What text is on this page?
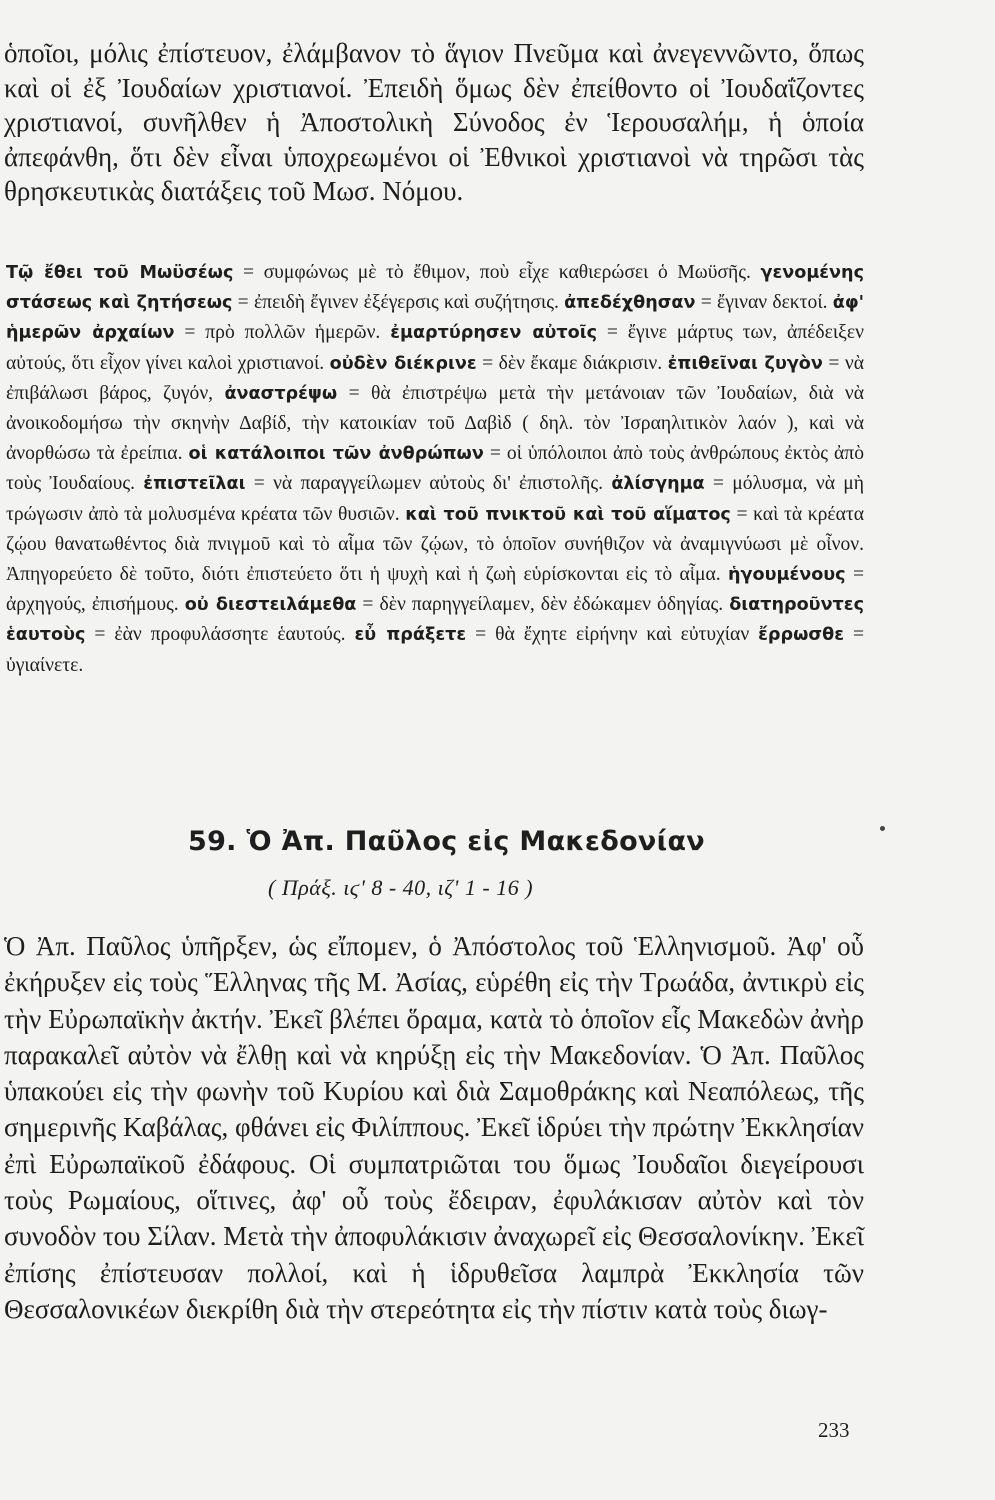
ὁποῖοι, μόλις ἐπίστευον, ἐλάμβανον τὸ ἅγιον Πνεῦμα καὶ ἀνεγεννῶντο, ὅπως καὶ οἱ ἐξ Ἰουδαίων χριστιανοί. Ἐπειδὴ ὅμως δὲν ἐπείθοντο οἱ Ἰουδαΐζοντες χριστιανοί, συνῆλθεν ἡ Ἀποστολικὴ Σύνοδος ἐν Ἱερουσαλήμ, ἡ ὁποία ἀπεφάνθη, ὅτι δὲν εἶναι ὑποχρεωμένοι οἱ Ἐθνικοὶ χριστιανοὶ νὰ τηρῶσι τὰς θρησκευτικὰς διατάξεις τοῦ Μωσ. Νόμου.

Τῷ ἔθει τοῦ Μωϋσέως = συμφώνως μὲ τὸ ἔθιμον, ποὺ εἶχε καθιερώσει ὁ Μωϋσῆς. γενομένης στάσεως καὶ ζητήσεως = ἐπειδὴ ἔγινεν ἐξέγερσις καὶ συζήτησις. ἀπεδέχθησαν = ἔγιναν δεκτοί. ἀφ' ἡμερῶν ἀρχαίων = πρὸ πολλῶν ἡμερῶν. ἐμαρτύρησεν αὐτοῖς = ἔγινε μάρτυς των, ἀπέδειξεν αὐτούς, ὅτι εἶχον γίνει καλοὶ χριστιανοί. οὐδὲν διέκρινε = δὲν ἔκαμε διάκρισιν. ἐπιθεῖναι ζυγὸν = νὰ ἐπιβάλωσι βάρος, ζυγόν, ἀναστρέψω = θὰ ἐπιστρέψω μετὰ τὴν μετάνοιαν τῶν Ἰουδαίων, διὰ νὰ ἀνοικοδομήσω τὴν σκηνὴν Δαβίδ, τὴν κατοικίαν τοῦ Δαβὶδ ( δηλ. τὸν Ἰσραηλιτικὸν λαόν ), καὶ νὰ ἀνορθώσω τὰ ἐρείπια. οἱ κατάλοιποι τῶν ἀνθρώπων = οἱ ὑπόλοιποι ἀπὸ τοὺς ἀνθρώπους ἐκτὸς ἀπὸ τοὺς Ἰουδαίους. ἐπιστεῖλαι = νὰ παραγγείλωμεν αὐτοὺς δι' ἐπιστολῆς. ἀλίσγημα = μόλυσμα, νὰ μὴ τρώγωσιν ἀπὸ τὰ μολυσμένα κρέατα τῶν θυσιῶν. καὶ τοῦ πνικτοῦ καὶ τοῦ αἵματος = καὶ τὰ κρέατα ζῴου θανατωθέντος διὰ πνιγμοῦ καὶ τὸ αἷμα τῶν ζῴων, τὸ ὁποῖον συνήθιζον νὰ ἀναμιγνύωσι μὲ οἶνον. Ἀπηγορεύετο δὲ τοῦτο, διότι ἐπιστεύετο ὅτι ἡ ψυχὴ καὶ ἡ ζωὴ εὑρίσκονται εἰς τὸ αἷμα. ἡγουμένους = ἀρχηγούς, ἐπισήμους. οὐ διεστειλάμεθα = δὲν παρηγγείλαμεν, δὲν ἐδώκαμεν ὁδηγίας. διατηροῦντες ἑαυτοὺς = ἐὰν προφυλάσσητε ἑαυτούς. εὖ πράξετε = θὰ ἔχητε εἰρήνην καὶ εὐτυχίαν ἔρρωσθε = ὑγιαίνετε.

59. Ὁ Ἀπ. Παῦλος εἰς Μακεδονίαν
( Πράξ. ιϛ' 8 - 40, ιζ' 1 - 16 )

Ὁ Ἀπ. Παῦλος ὑπῆρξεν, ὡς εἴπομεν, ὁ Ἀπόστολος τοῦ Ἑλληνισμοῦ. Ἀφ' οὗ ἐκήρυξεν εἰς τοὺς Ἕλληνας τῆς Μ. Ἀσίας, εὑρέθη εἰς τὴν Τρωάδα, ἀντικρὺ εἰς τὴν Εὐρωπαϊκὴν ἀκτήν. Ἐκεῖ βλέπει ὅραμα, κατὰ τὸ ὁποῖον εἷς Μακεδὼν ἀνὴρ παρακαλεῖ αὐτὸν νὰ ἔλθῃ καὶ νὰ κηρύξῃ εἰς τὴν Μακεδονίαν. Ὁ Ἀπ. Παῦλος ὑπακούει εἰς τὴν φωνὴν τοῦ Κυρίου καὶ διὰ Σαμοθράκης καὶ Νεαπόλεως, τῆς σημερινῆς Καβάλας, φθάνει εἰς Φιλίππους. Ἐκεῖ ἱδρύει τὴν πρώτην Ἐκκλησίαν ἐπὶ Εὐρωπαϊκοῦ ἐδάφους. Οἱ συμπατριῶται του ὅμως Ἰουδαῖοι διεγείρουσι τοὺς Ρωμαίους, οἵτινες, ἀφ' οὗ τοὺς ἔδειραν, ἐφυλάκισαν αὐτὸν καὶ τὸν συνοδὸν του Σίλαν. Μετὰ τὴν ἀποφυλάκισιν ἀναχωρεῖ εἰς Θεσσαλονίκην. Ἐκεῖ ἐπίσης ἐπίστευσαν πολλοί, καὶ ἡ ἱδρυθεῖσα λαμπρὰ Ἐκκλησία τῶν Θεσσαλονικέων διεκρίθη διὰ τὴν στερεότητα εἰς τὴν πίστιν κατὰ τοὺς διωγ-

233
